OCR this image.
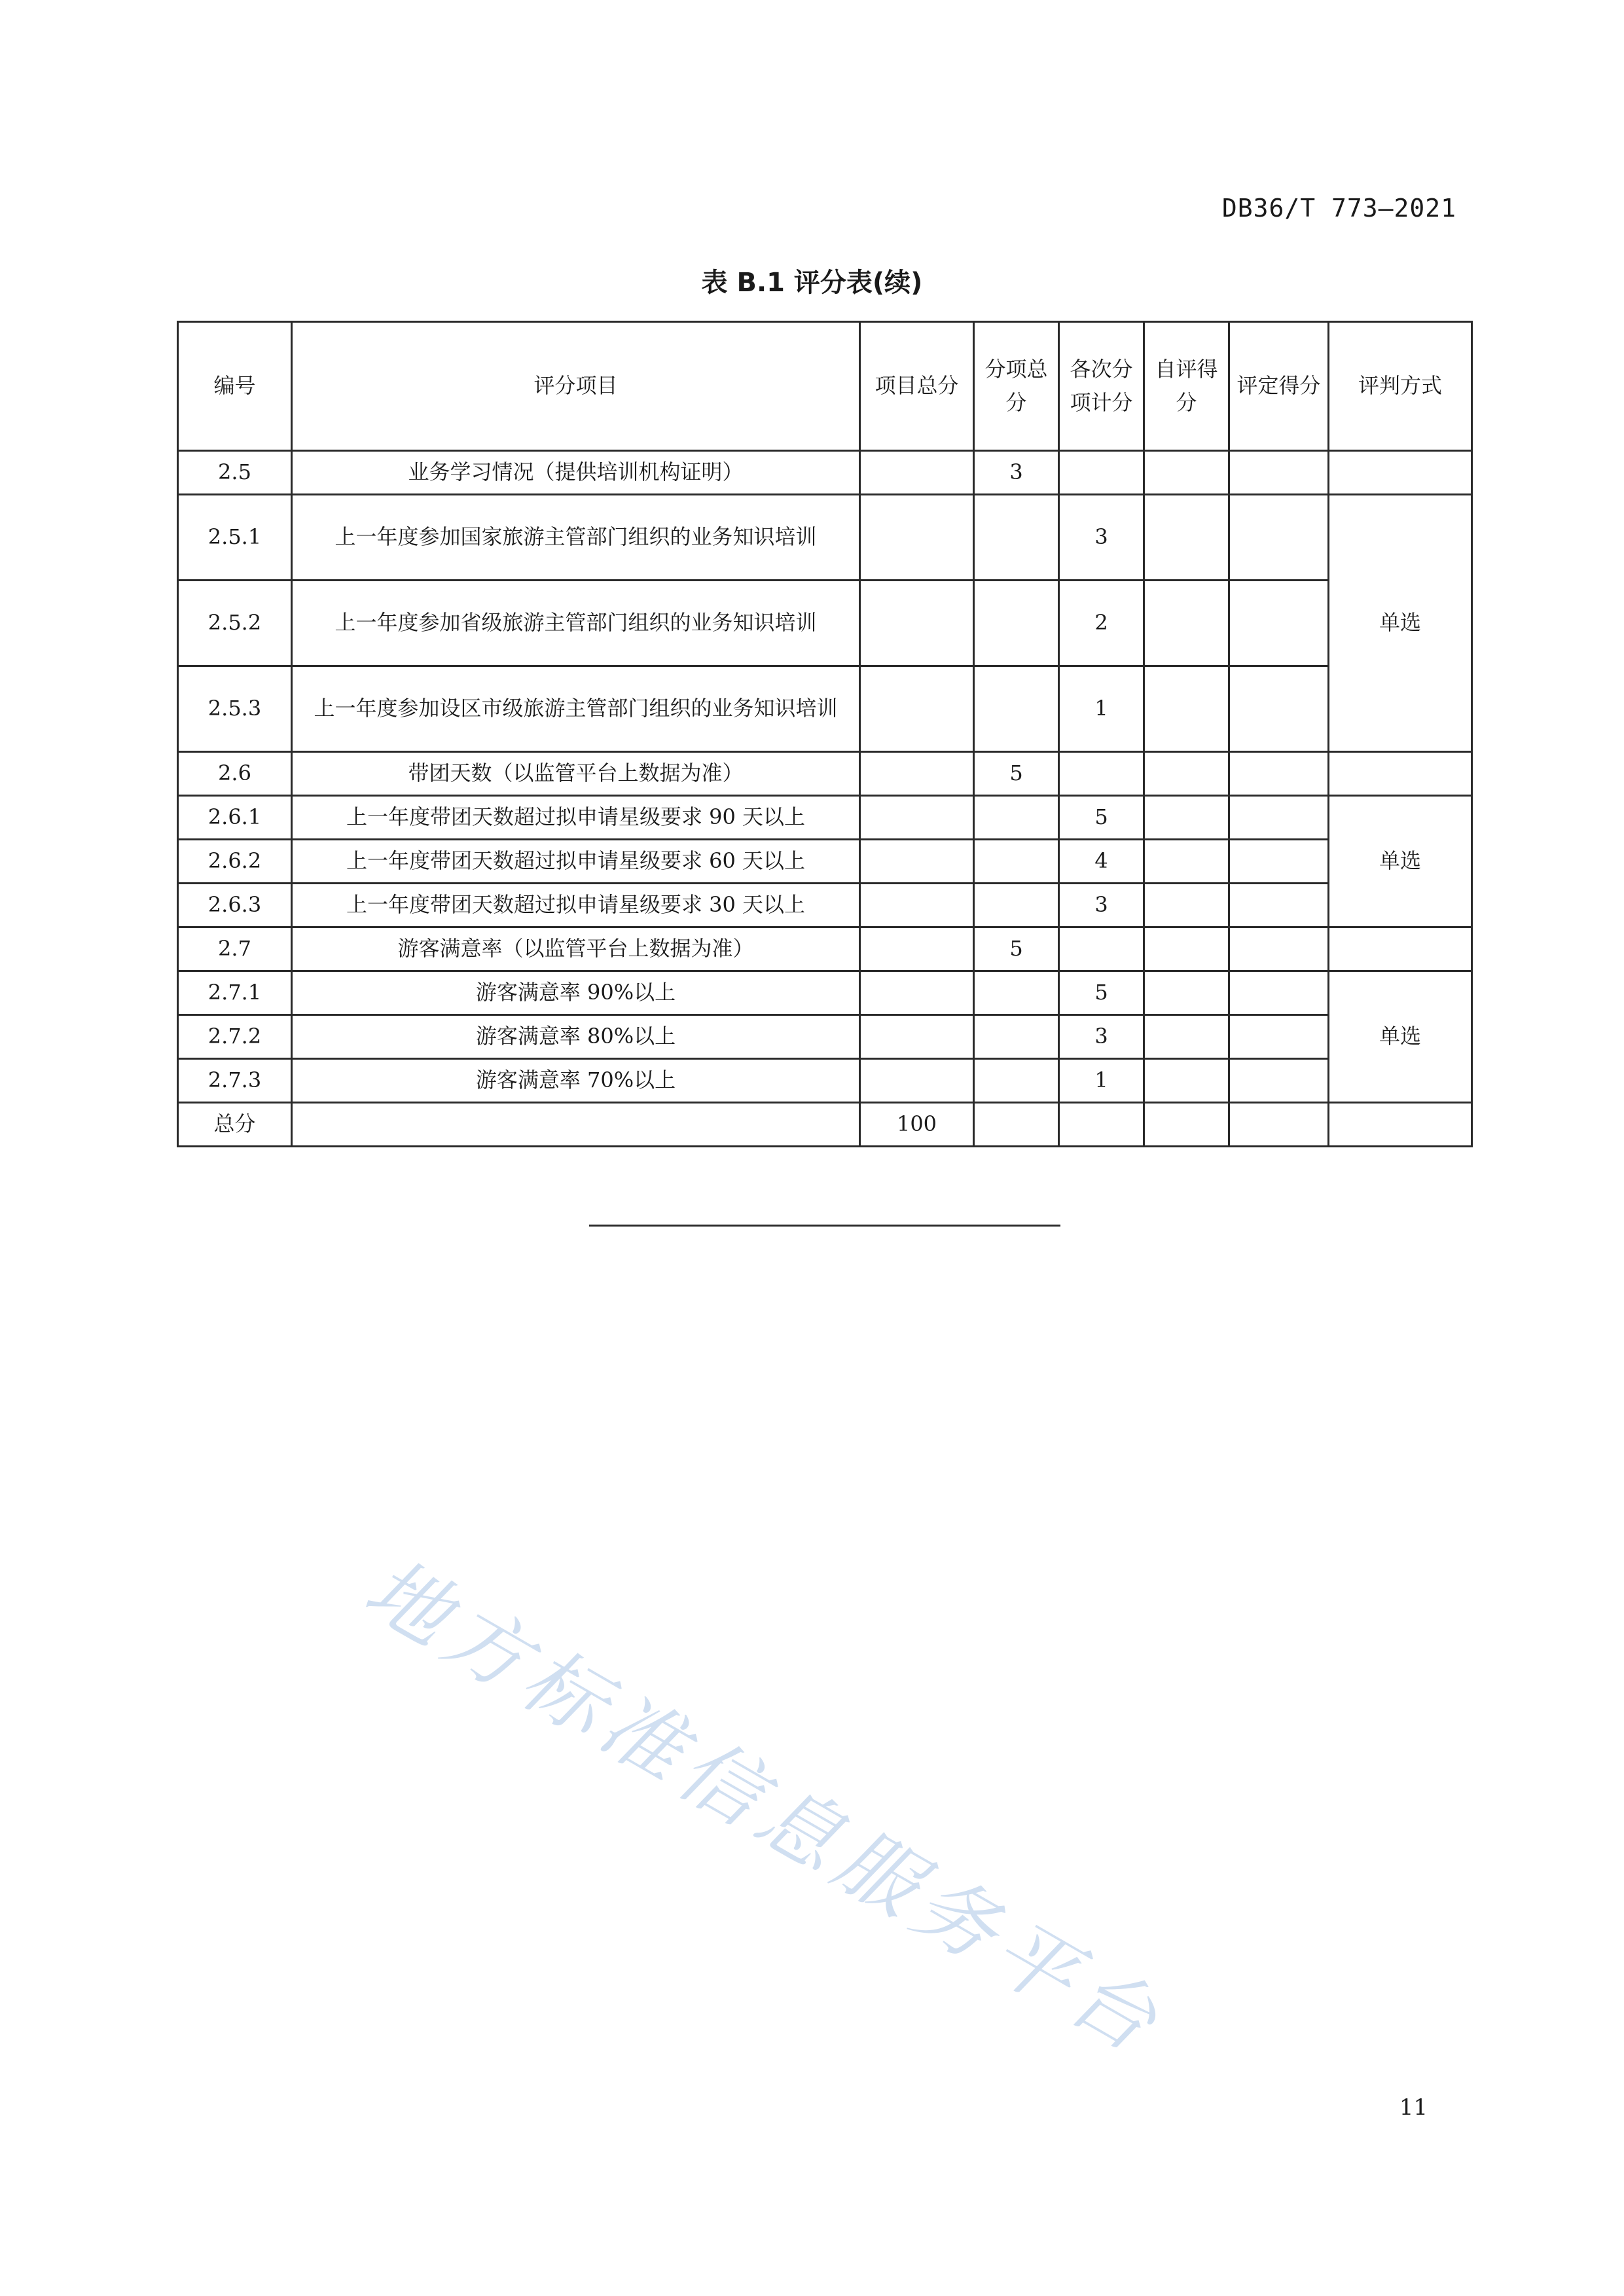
DB36/T 773—2021
表 B.1 评分表(续)
编号	评分项目	项目总分	分项总分	各次分项计分	自评得分	评定得分	评判方式
2.5	业务学习情况（提供培训机构证明）		3				
2.5.1	上一年度参加国家旅游主管部门组织的业务知识培训			3			单选
2.5.2	上一年度参加省级旅游主管部门组织的业务知识培训			2			
2.5.3	上一年度参加设区市级旅游主管部门组织的业务知识培训			1			
2.6	带团天数（以监管平台上数据为准）		5				
2.6.1	上一年度带团天数超过拟申请星级要求 90 天以上			5			单选
2.6.2	上一年度带团天数超过拟申请星级要求 60 天以上			4			
2.6.3	上一年度带团天数超过拟申请星级要求 30 天以上			3			
2.7	游客满意率（以监管平台上数据为准）		5				
2.7.1	游客满意率 90%以上			5			单选
2.7.2	游客满意率 80%以上			3			
2.7.3	游客满意率 70%以上			1			
总分		100					
地方标准信息服务平台
11
